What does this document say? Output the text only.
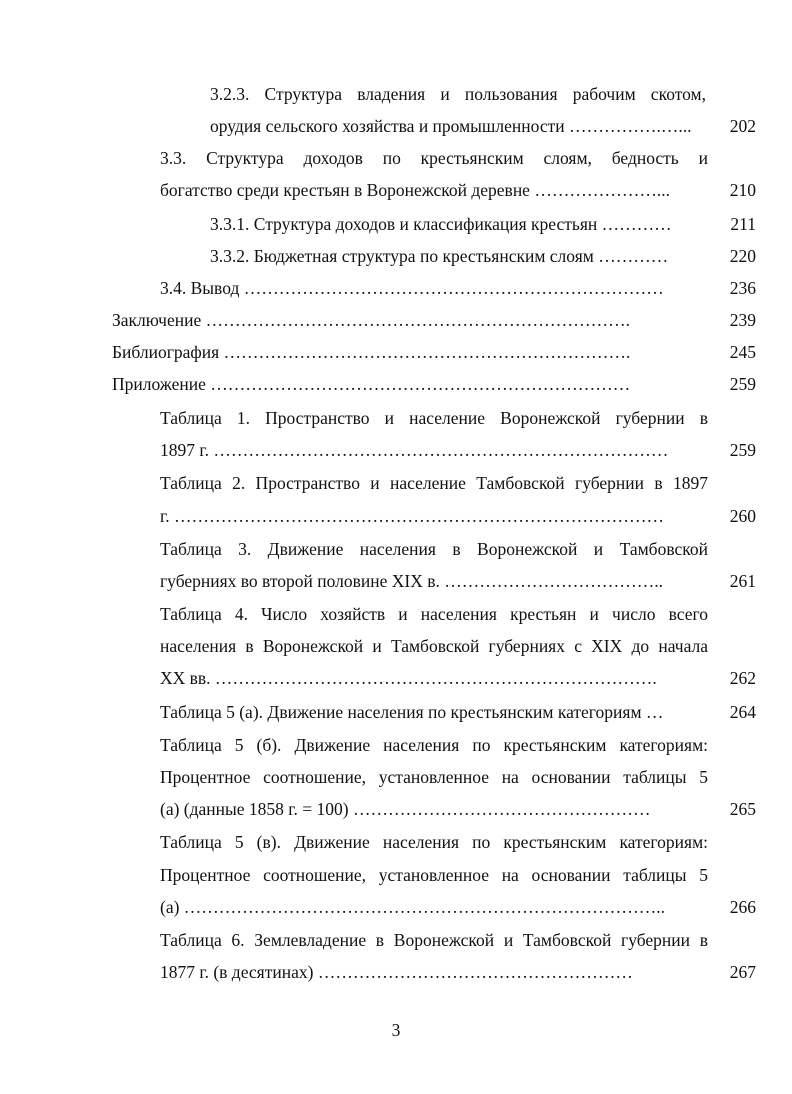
3.2.3. Структура владения и пользования рабочим скотом,
орудия сельского хозяйства и промышленности …………….…...	202
3.3. Структура доходов по крестьянским слоям, бедность и
богатство среди крестьян в Воронежской деревне …………………...	210
3.3.1. Структура доходов и классификация крестьян …………	211
3.3.2. Бюджетная структура по крестьянским слоям …………	220
3.4. Вывод ………………………………………………………………	236
Заключение ……………………………………………………………….	239
Библиография …………………………………………………………….	245
Приложение ………………………………………………………………	259
Таблица 1. Пространство и население Воронежской губернии в
1897 г. ……………………………………………………………………	259
Таблица 2. Пространство и население Тамбовской губернии в 1897
г. …………………………………………………………………………	260
Таблица 3. Движение населения в Воронежской и Тамбовской
губерниях во второй половине XIX в. ………………………………..	261
Таблица 4. Число хозяйств и населения крестьян и число всего
населения в Воронежской и Тамбовской губерниях с XIX до начала
XX вв. ………………………………………………………………….	262
Таблица 5 (а). Движение населения по крестьянским категориям …	264
Таблица 5 (б). Движение населения по крестьянским категориям:
Процентное соотношение, установленное на основании таблицы 5
(а) (данные 1858 г. = 100) ……………………………………………	265
Таблица 5 (в). Движение населения по крестьянским категориям:
Процентное соотношение, установленное на основании таблицы 5
(а) ………………………………………………………………………..	266
Таблица 6. Землевладение в Воронежской и Тамбовской губернии в
1877 г. (в десятинах) ………………………………………………	267
3
